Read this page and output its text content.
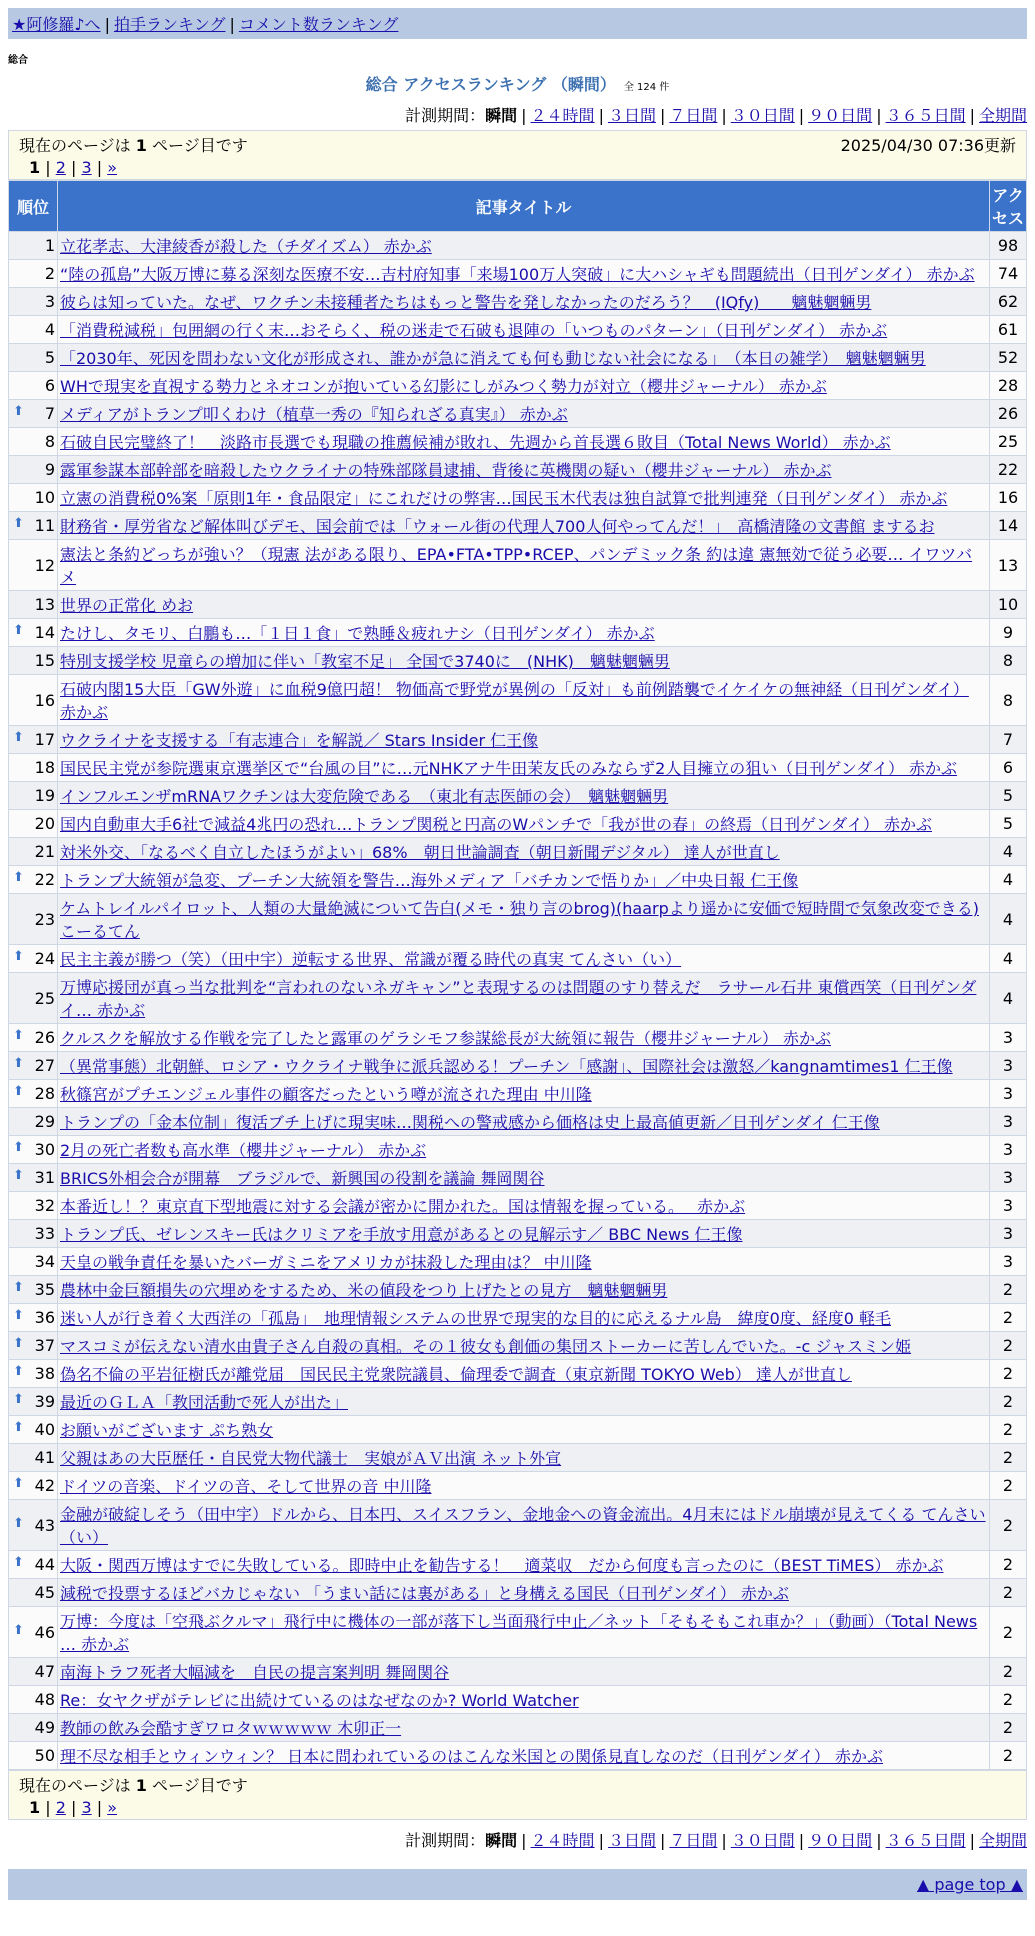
★阿修羅♪へ | 拍手ランキング | コメント数ランキング
総合
総合 アクセスランキング （瞬間） 全 124 件
計測期間：瞬間 | ２４時間 | ３日間 | ７日間 | ３０日間 | ９０日間 | ３６５日間 | 全期間
現在のページは 1 ページ目です	2025/04/30 07:36更新
1 | 2 | 3 | »
順位	記事タイトル	アクセス
1	立花孝志、大津綾香が殺した（チダイズム） 赤かぶ	98
2	“陸の孤島”大阪万博に募る深刻な医療不安…吉村府知事「来場100万人突破」に大ハシャギも問題続出（日刊ゲンダイ） 赤かぶ	74
3	彼らは知っていた。なぜ、ワクチン未接種者たちはもっと警告を発しなかったのだろう？　(IQfy)　　魑魅魍魎男	62
4	「消費税減税」包囲網の行く末…おそらく、税の迷走で石破も退陣の「いつものパターン」（日刊ゲンダイ） 赤かぶ	61
5	「2030年、死因を問わない文化が形成され、誰かが急に消えても何も動じない社会になる」　（本日の雑学）　魑魅魍魎男	52
6	WHで現実を直視する勢力とネオコンが抱いている幻影にしがみつく勢力が対立（櫻井ジャーナル） 赤かぶ	28

⬆ 7	メディアがトランプ叩くわけ（植草一秀の『知られざる真実』） 赤かぶ	26
8	石破自民完璧終了！　淡路市長選でも現職の推薦候補が敗れ、先週から首長選６敗目（Total News World） 赤かぶ	25
9	露軍参謀本部幹部を暗殺したウクライナの特殊部隊員逮捕、背後に英機関の疑い（櫻井ジャーナル） 赤かぶ	22
10	立憲の消費税0%案「原則1年・食品限定」にこれだけの弊害…国民玉木代表は独自試算で批判連発（日刊ゲンダイ） 赤かぶ	16

⬆ 11	財務省・厚労省など解体叫びデモ、国会前では「ウォール街の代理人700人何やってんだ！」　高橋清隆の文書館 まするお	14
12	憲法と条約どっちが強い？（現憲 法がある限り、EPA•FTA•TPP•RCEP、パンデミック条 約は違 憲無効で従う必要… イワツバメ	13
13	世界の正常化 めお	10

⬆ 14	たけし、タモリ、白鵬も…「１日１食」で熟睡＆疲れナシ（日刊ゲンダイ） 赤かぶ	9
15	特別支援学校 児童らの増加に伴い「教室不足」 全国で3740に　(NHK)　魑魅魍魎男	8
16	石破内閣15大臣「GW外遊」に血税9億円超！ 物価高で野党が異例の「反対」も前例踏襲でイケイケの無神経（日刊ゲンダイ） 赤かぶ	8

⬆ 17	ウクライナを支援する「有志連合」を解説／ Stars Insider 仁王像	7
18	国民民主党が参院選東京選挙区で“台風の目”に…元NHKアナ牛田茉友氏のみならず2人目擁立の狙い（日刊ゲンダイ） 赤かぶ	6
19	インフルエンザmRNAワクチンは大変危険である　（東北有志医師の会）　魑魅魍魎男	5
20	国内自動車大手6社で減益4兆円の恐れ…トランプ関税と円高のWパンチで「我が世の春」の終焉（日刊ゲンダイ） 赤かぶ	5
21	対米外交、「なるべく自立したほうがよい」68%　朝日世論調査（朝日新聞デジタル） 達人が世直し	4

⬆ 22	トランプ大統領が急変、プーチン大統領を警告…海外メディア「バチカンで悟りか」／中央日報 仁王像	4
23	ケムトレイルパイロット、人類の大量絶滅について告白(メモ・独り言のbrog)(haarpより遥かに安価で短時間で気象改変できる) こーるてん	4

⬆ 24	民主主義が勝つ（笑）（田中宇）逆転する世界、常識が覆る時代の真実 てんさい（い）	4
25	万博応援団が真っ当な批判を“言われのないネガキャン”と表現するのは問題のすり替えだ　ラサール石井 東償西笑（日刊ゲンダイ… 赤かぶ	4

⬆ 26	クルスクを解放する作戦を完了したと露軍のゲラシモフ参謀総長が大統領に報告（櫻井ジャーナル） 赤かぶ	3

⬆ 27	（異常事態）北朝鮮、ロシア・ウクライナ戦争に派兵認める！プーチン「感謝」、国際社会は激怒／kangnamtimes1 仁王像	3

⬆ 28	秋篠宮がプチエンジェル事件の顧客だったという噂が流された理由 中川隆	3
29	トランプの「金本位制」復活ブチ上げに現実味…関税への警戒感から価格は史上最高値更新／日刊ゲンダイ 仁王像	3

⬆ 30	2月の死亡者数も高水準（櫻井ジャーナル） 赤かぶ	3

⬆ 31	BRICS外相会合が開幕　ブラジルで、新興国の役割を議論 舞岡関谷	3
32	本番近し！？東京直下型地震に対する会議が密かに開かれた。国は情報を握っている。　 赤かぶ	3
33	トランプ氏、ゼレンスキー氏はクリミアを手放す用意があるとの見解示す／ BBC News 仁王像	3
34	天皇の戦争責任を暴いたバーガミニをアメリカが抹殺した理由は？ 中川隆	3

⬆ 35	農林中金巨額損失の穴埋めをするため、米の値段をつり上げたとの見方　魑魅魍魎男	2

⬆ 36	迷い人が行き着く大西洋の「孤島」　地理情報システムの世界で現実的な目的に応えるナル島　緯度0度、経度0 軽毛	2

⬆ 37	マスコミが伝えない清水由貴子さん自殺の真相。その１彼女も創価の集団ストーカーに苦しんでいた。-c ジャスミン姫	2

⬆ 38	偽名不倫の平岩征樹氏が離党届　国民民主党衆院議員、倫理委で調査（東京新聞 TOKYO Web） 達人が世直し	2

⬆ 39	最近のＧＬＡ「教団活動で死人が出た」	2

⬆ 40	お願いがございます ぷち熟女	2
41	父親はあの大臣歴任・自民党大物代議士　実娘がＡＶ出演 ネット外宣	2

⬆ 42	ドイツの音楽、ドイツの音、そして世界の音 中川隆	2

⬆ 43	金融が破綻しそう（田中宇）ドルから、日本円、スイスフラン、金地金への資金流出。4月末にはドル崩壊が見えてくる てんさい（い）	2

⬆ 44	大阪・関西万博はすでに失敗している。即時中止を勧告する！　適菜収　だから何度も言ったのに（BEST TiMES） 赤かぶ	2
45	減税で投票するほどバカじゃない 「うまい話には裏がある」と身構える国民（日刊ゲンダイ） 赤かぶ	2

⬆ 46	万博：今度は「空飛ぶクルマ」飛行中に機体の一部が落下し当面飛行中止／ネット「そもそもこれ車か？」（動画）（Total News … 赤かぶ	2
47	南海トラフ死者大幅減を　自民の提言案判明 舞岡関谷	2
48	Re：女ヤクザがテレビに出続けているのはなぜなのか? World Watcher	2
49	教師の飲み会酷すぎワロタｗｗｗｗｗ 木卯正一	2
50	理不尽な相手とウィンウィン？ 日本に問われているのはこんな米国との関係見直しなのだ（日刊ゲンダイ） 赤かぶ	2
現在のページは 1 ページ目です
1 | 2 | 3 | »
計測期間：瞬間 | ２４時間 | ３日間 | ７日間 | ３０日間 | ９０日間 | ３６５日間 | 全期間
▲ page top ▲
